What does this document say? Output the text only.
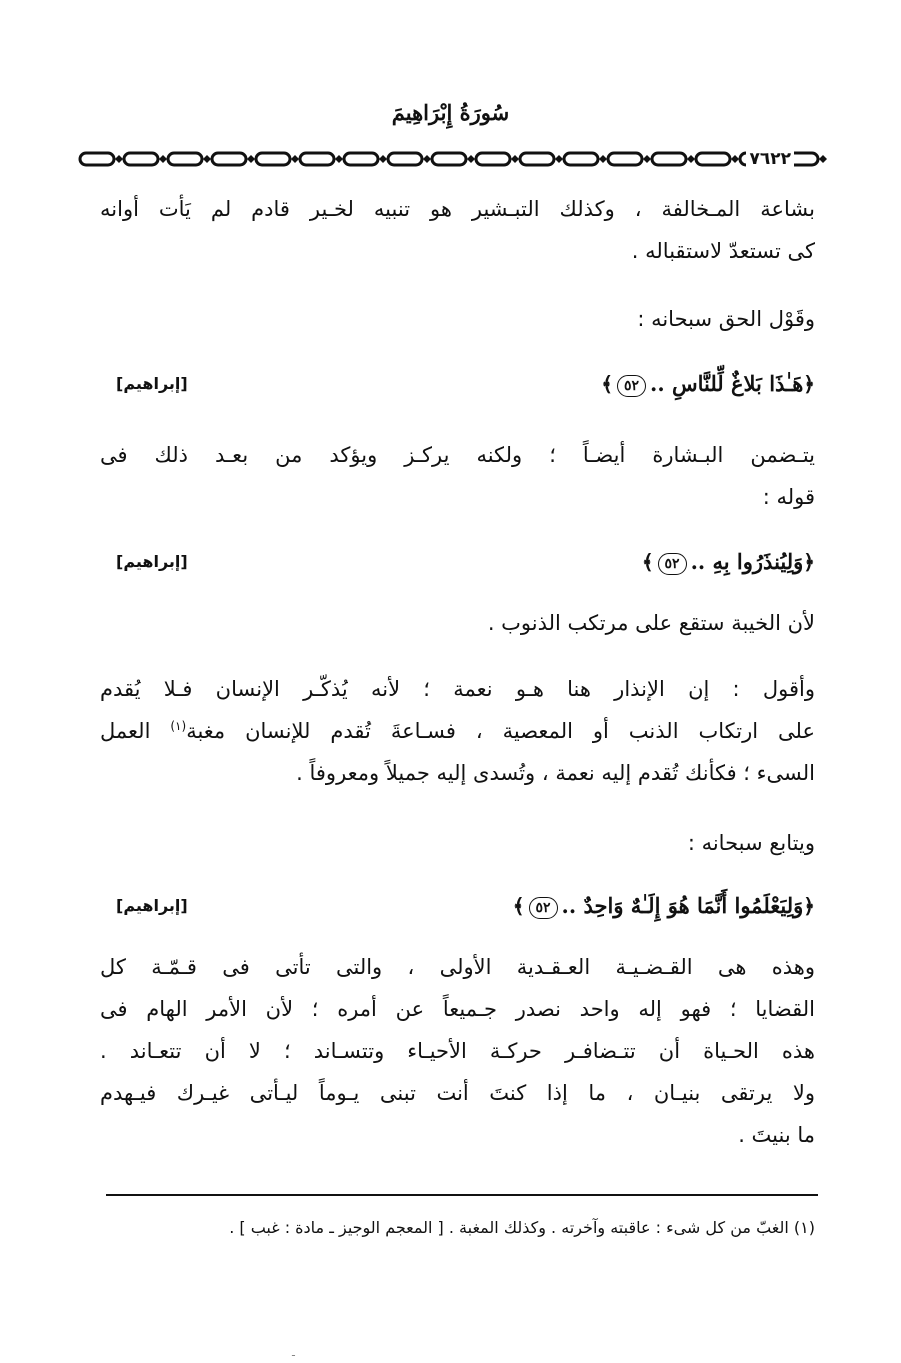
سُورَةُ إِبْرَاهِيمَ
٧٦٢٢
بشاعة المـخالفة ، وكذلك التبـشير هو تنبيه لخـير قادم لم يَأت أوانه
كى تستعدّ لاستقباله .
وقَوْل الحق سبحانه :
﴿هَـٰذَا بَلاغٌ لِّلنَّاسِ ..٥٢﴾
[إبراهيم]
يتـضمن البـشارة أيضـاً ؛ ولكنه يركـز ويؤكد من بعـد ذلك فى
قوله :
﴿وَلِيُنذَرُوا بِهِ ..٥٢﴾
[إبراهيم]
لأن الخيبة ستقع على مرتكب الذنوب .
وأقول : إن الإنذار هنا هـو نعمة ؛ لأنه يُذكّـر الإنسان فـلا يُقدم
على ارتكاب الذنب أو المعصية ، فسـاعةَ تُقدم للإنسان مغبة$^{(١)}$ العمل
السىء ؛ فكأنك تُقدم إليه نعمة ، وتُسدى إليه جميلاً ومعروفاً .
ويتابع سبحانه :
﴿وَلِيَعْلَمُوا أَنَّمَا هُوَ إِلَـٰهٌ وَاحِدٌ ..٥٢﴾
[إبراهيم]
وهذه هى القـضـيـة العـقـدية الأولى ، والتى تأتى فى قـمّـة كل
القضايا ؛ فهو إله واحد نصدر جـميعاً عن أمره ؛ لأن الأمر الهام فى
هذه الحـياة أن تتـضافـر حركـة الأحيـاء وتتسـاند ؛ لا أن تتعـاند .
ولا يرتقى بنيـان ، ما إذا كنتَ أنت تبنى يـوماً ليـأتى غيـرك فيـهدم
ما بنيتَ .
(١) الغبّ من كل شىء : عاقبته وآخرته . وكذلك المغبة . [ المعجم الوجيز ـ مادة : غبب ] .
ـ
